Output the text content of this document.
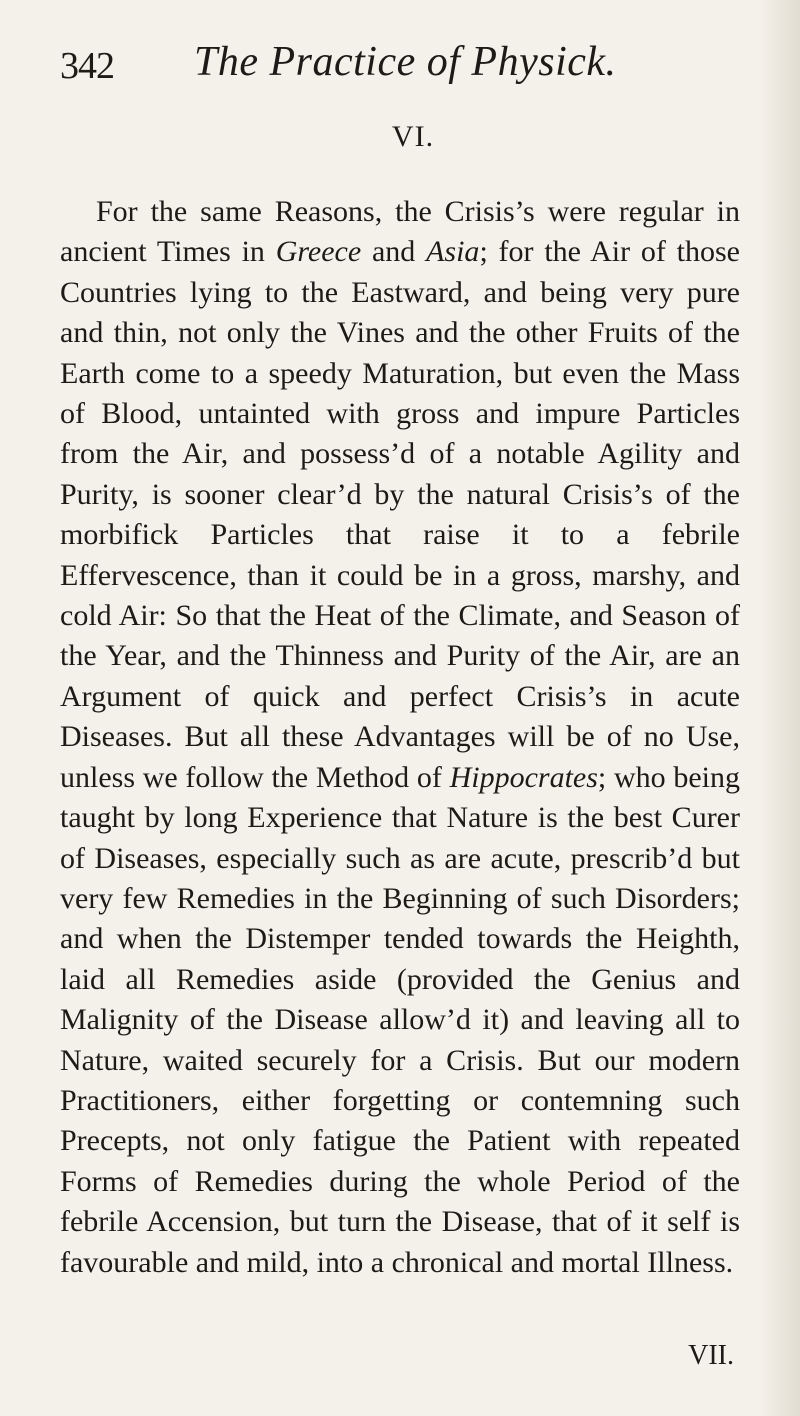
342 The Practice of Physick.
VI.

For the same Reasons, the Crisis’s were regular in ancient Times in Greece and Asia; for the Air of those Countries lying to the Eastward, and being very pure and thin, not only the Vines and the other Fruits of the Earth come to a speedy Maturation, but even the Mass of Blood, untainted with gross and impure Particles from the Air, and possess’d of a notable Agility and Purity, is sooner clear’d by the natural Crisis’s of the morbifick Particles that raise it to a febrile Effervescence, than it could be in a gross, marshy, and cold Air: So that the Heat of the Climate, and Season of the Year, and the Thinness and Purity of the Air, are an Argument of quick and perfect Crisis’s in acute Diseases. But all these Advantages will be of no Use, unless we follow the Method of Hippocrates; who being taught by long Experience that Nature is the best Curer of Diseases, especially such as are acute, prescrib’d but very few Remedies in the Beginning of such Disorders; and when the Distemper tended towards the Heighth, laid all Remedies aside (provided the Genius and Malignity of the Disease allow’d it) and leaving all to Nature, waited securely for a Crisis. But our modern Practitioners, either forgetting or contemning such Precepts, not only fatigue the Patient with repeated Forms of Remedies during the whole Period of the febrile Accension, but turn the Disease, that of it self is favourable and mild, into a chronical and mortal Illness.

VII.
